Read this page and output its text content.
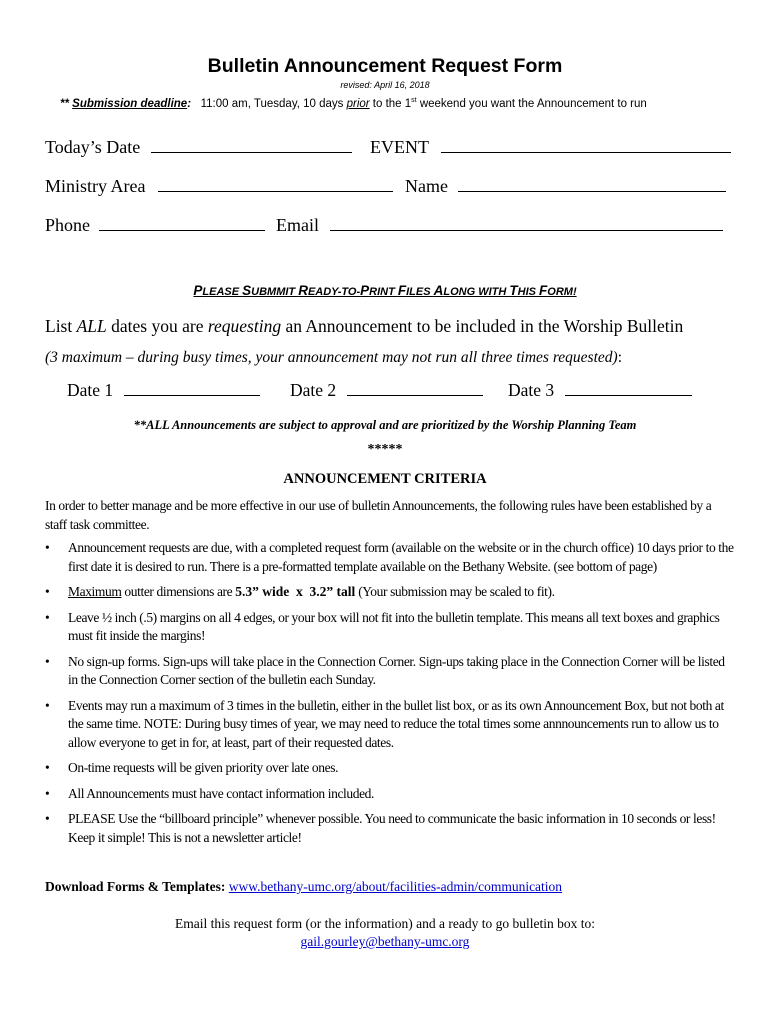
Bulletin Announcement Request Form
revised: April 16, 2018
** Submission deadline:   11:00 am, Tuesday, 10 days prior to the 1st weekend you want the Announcement to run
Today’s Date	EVENT
Ministry Area	Name
Phone	Email
PLEASE SUBMMIT READY-TO-PRINT FILES ALONG WITH THIS FORM!
List ALL dates you are requesting an Announcement to be included in the Worship Bulletin
(3 maximum – during busy times, your announcement may not run all three times requested):
Date 1	Date 2	Date 3
**ALL Announcements are subject to approval and are prioritized by the Worship Planning Team
*****
ANNOUNCEMENT CRITERIA
In order to better manage and be more effective in our use of bulletin Announcements, the following rules have been established by a staff task committee.
• Announcement requests are due, with a completed request form (available on the website or in the church office) 10 days prior to the first date it is desired to run. There is a pre-formatted template available on the Bethany Website. (see bottom of page)
• Maximum outter dimensions are 5.3” wide  x  3.2” tall (Your submission may be scaled to fit).
• Leave ½ inch (.5) margins on all 4 edges, or your box will not fit into the bulletin template. This means all text boxes and graphics must fit inside the margins!
• No sign-up forms. Sign-ups will take place in the Connection Corner. Sign-ups taking place in the Connection Corner will be listed in the Connection Corner section of the bulletin each Sunday.
• Events may run a maximum of 3 times in the bulletin, either in the bullet list box, or as its own Announcement Box, but not both at the same time. NOTE: During busy times of year, we may need to reduce the total times some annnouncements run to allow us to allow everyone to get in for, at least, part of their requested dates.
• On-time requests will be given priority over late ones.
• All Announcements must have contact information included.
• PLEASE Use the “billboard principle” whenever possible. You need to communicate the basic information in 10 seconds or less! Keep it simple! This is not a newsletter article!
Download Forms & Templates: www.bethany-umc.org/about/facilities-admin/communication
Email this request form (or the information) and a ready to go bulletin box to:
gail.gourley@bethany-umc.org
